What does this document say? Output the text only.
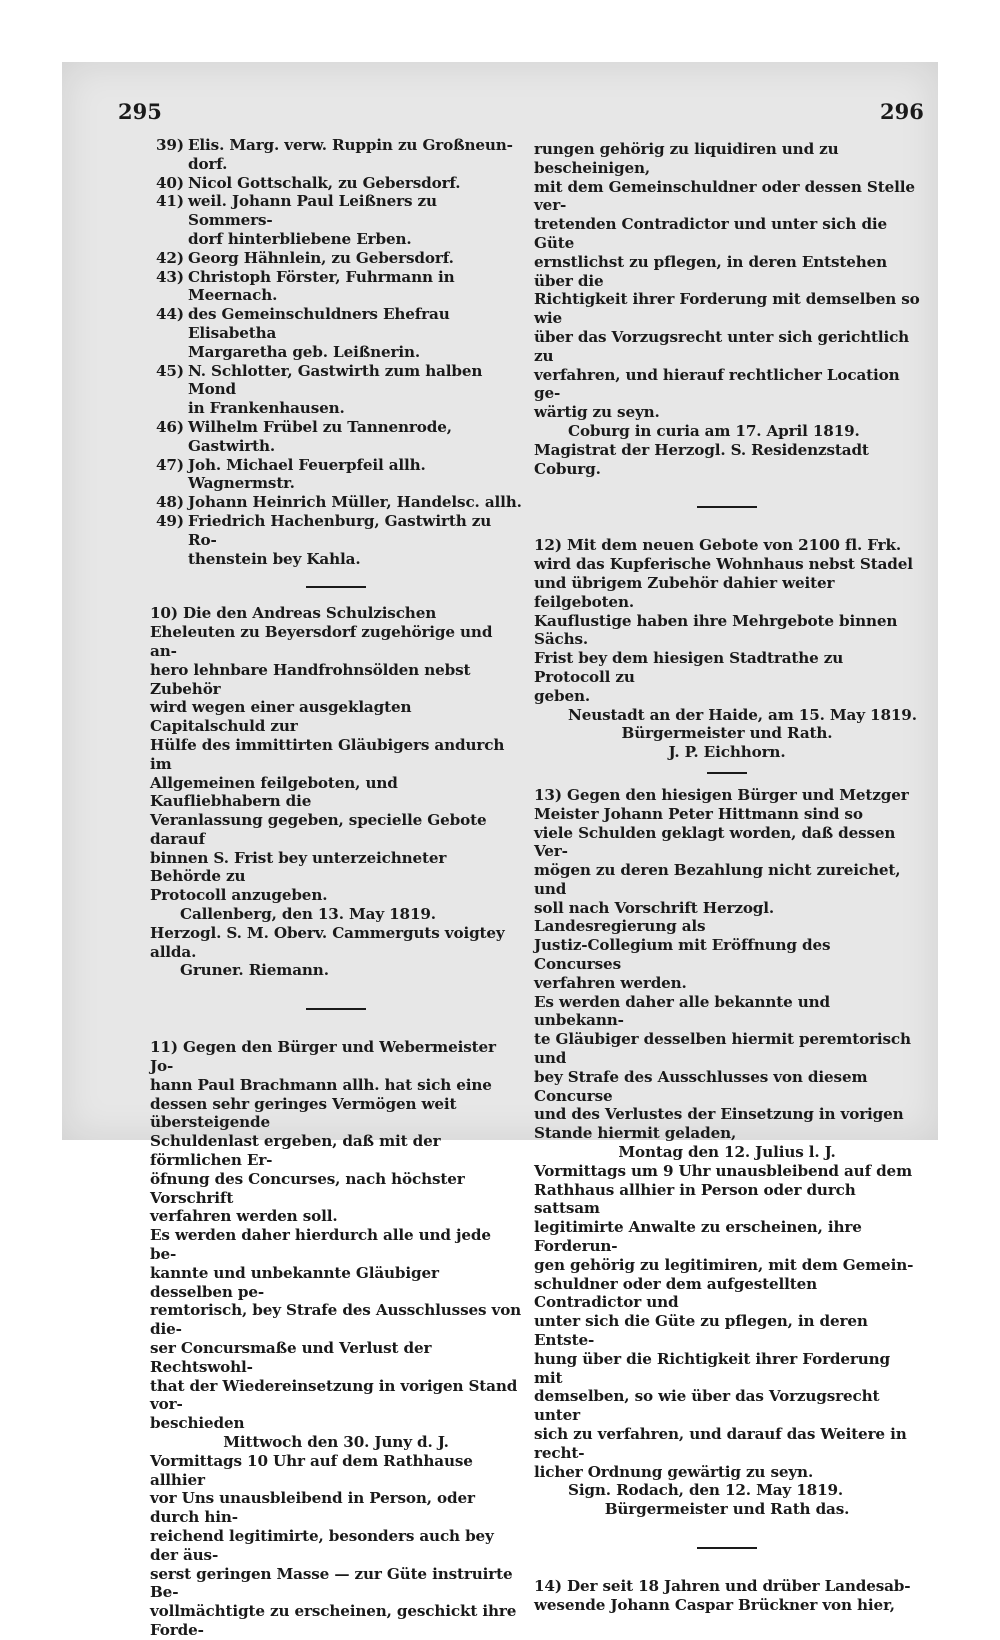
295	296
39) Elis. Marg. verw. Ruppin zu Großneun-
dorf.
40) Nicol Gottschalk, zu Gebersdorf.
41) weil. Johann Paul Leißners zu Sommers-
dorf hinterbliebene Erben.
42) Georg Hähnlein, zu Gebersdorf.
43) Christoph Förster, Fuhrmann in Meernach.
44) des Gemeinschuldners Ehefrau Elisabetha
Margaretha geb. Leißnerin.
45) N. Schlotter, Gastwirth zum halben Mond
in Frankenhausen.
46) Wilhelm Frübel zu Tannenrode, Gastwirth.
47) Joh. Michael Feuerpfeil allh. Wagnermstr.
48) Johann Heinrich Müller, Handelsc. allh.
49) Friedrich Hachenburg, Gastwirth zu Ro-
thenstein bey Kahla.

10) Die den Andreas Schulzischen
Eheleuten zu Beyersdorf zugehörige und an-
hero lehnbare Handfrohnsölden nebst Zubehör
wird wegen einer ausgeklagten Capitalschuld zur
Hülfe des immittirten Gläubigers andurch im
Allgemeinen feilgeboten, und Kaufliebhabern die
Veranlassung gegeben, specielle Gebote darauf
binnen S. Frist bey unterzeichneter Behörde zu
Protocoll anzugeben.

Callenberg, den 13. May 1819.
Herzogl. S. M. Oberv. Cammerguts voigtey allda.
Gruner. Riemann.

11) Gegen den Bürger und Webermeister Jo-
hann Paul Brachmann allh. hat sich eine
dessen sehr geringes Vermögen weit übersteigende
Schuldenlast ergeben, daß mit der förmlichen Er-
öfnung des Concurses, nach höchster Vorschrift
verfahren werden soll.
Es werden daher hierdurch alle und jede be-
kannte und unbekannte Gläubiger desselben pe-
remtorisch, bey Strafe des Ausschlusses von die-
ser Concursmaße und Verlust der Rechtswohl-
that der Wiedereinsetzung in vorigen Stand vor-
beschieden

Mittwoch den 30. Juny d. J.

Vormittags 10 Uhr auf dem Rathhause allhier
vor Uns unausbleibend in Person, oder durch hin-
reichend legitimirte, besonders auch bey der äus-
serst geringen Masse — zur Güte instruirte Be-
vollmächtigte zu erscheinen, geschickt ihre Forde-

rungen gehörig zu liquidiren und zu bescheinigen,
mit dem Gemeinschuldner oder dessen Stelle ver-
tretenden Contradictor und unter sich die Güte
ernstlichst zu pflegen, in deren Entstehen über die
Richtigkeit ihrer Forderung mit demselben so wie
über das Vorzugsrecht unter sich gerichtlich zu
verfahren, und hierauf rechtlicher Location ge-
wärtig zu seyn.

Coburg in curia am 17. April 1819.
Magistrat der Herzogl. S. Residenzstadt Coburg.

12) Mit dem neuen Gebote von 2100 fl. Frk.
wird das Kupferische Wohnhaus nebst Stadel
und übrigem Zubehör dahier weiter feilgeboten.
Kauflustige haben ihre Mehrgebote binnen Sächs.
Frist bey dem hiesigen Stadtrathe zu Protocoll zu
geben.

Neustadt an der Haide, am 15. May 1819.
Bürgermeister und Rath.
J. P. Eichhorn.

13) Gegen den hiesigen Bürger und Metzger
Meister Johann Peter Hittmann sind so
viele Schulden geklagt worden, daß dessen Ver-
mögen zu deren Bezahlung nicht zureichet, und
soll nach Vorschrift Herzogl. Landesregierung als
Justiz-Collegium mit Eröffnung des Concurses
verfahren werden.
Es werden daher alle bekannte und unbekann-
te Gläubiger desselben hiermit peremtorisch und
bey Strafe des Ausschlusses von diesem Concurse
und des Verlustes der Einsetzung in vorigen
Stande hiermit geladen,

Montag den 12. Julius l. J.

Vormittags um 9 Uhr unausbleibend auf dem
Rathhaus allhier in Person oder durch sattsam
legitimirte Anwalte zu erscheinen, ihre Forderun-
gen gehörig zu legitimiren, mit dem Gemein-
schuldner oder dem aufgestellten Contradictor und
unter sich die Güte zu pflegen, in deren Entste-
hung über die Richtigkeit ihrer Forderung mit
demselben, so wie über das Vorzugsrecht unter
sich zu verfahren, und darauf das Weitere in recht-
licher Ordnung gewärtig zu seyn.

Sign. Rodach, den 12. May 1819.
Bürgermeister und Rath das.

14) Der seit 18 Jahren und drüber Landesab-
wesende Johann Caspar Brückner von hier,
